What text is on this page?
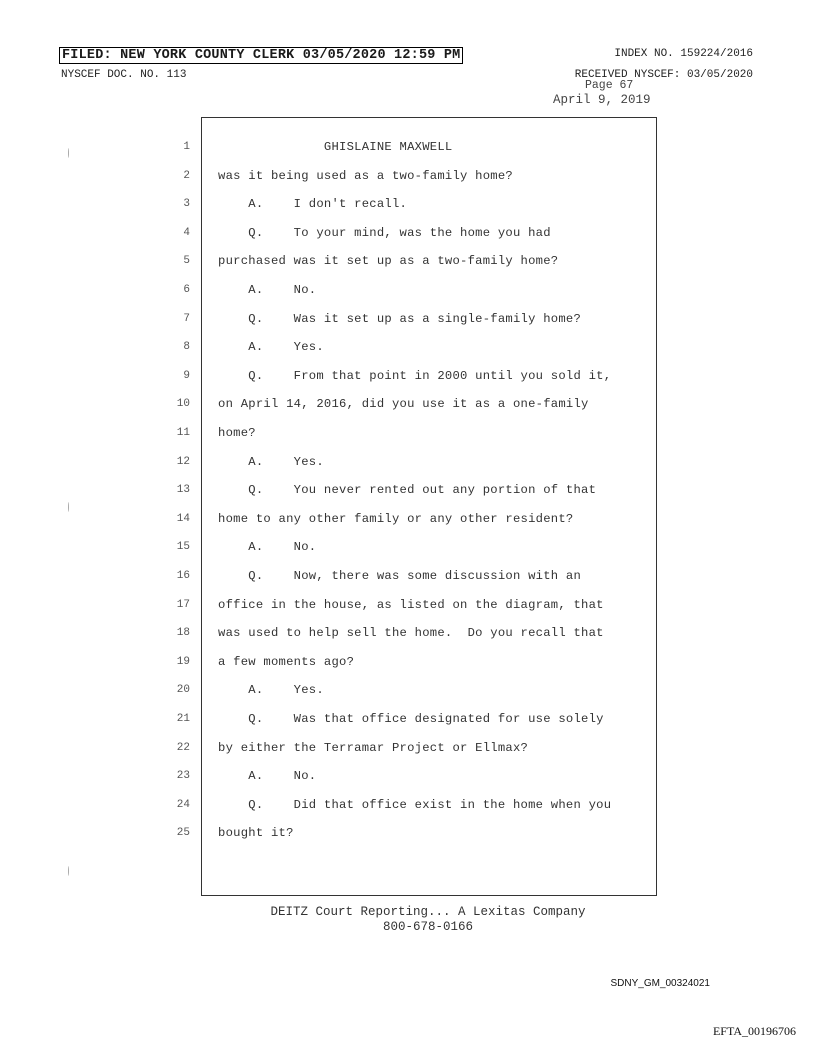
FILED: NEW YORK COUNTY CLERK 03/05/2020 12:59 PM	INDEX NO. 159224/2016
NYSCEF DOC. NO. 113	RECEIVED NYSCEF: 03/05/2020
Page 67
April 9, 2019
1 GHISLAINE MAXWELL
2 was it being used as a two-family home?
3 A.    I don't recall.
4 Q.    To your mind, was the home you had
5 purchased was it set up as a two-family home?
6 A.    No.
7 Q.    Was it set up as a single-family home?
8 A.    Yes.
9 Q.    From that point in 2000 until you sold it,
10 on April 14, 2016, did you use it as a one-family
11 home?
12 A.    Yes.
13 Q.    You never rented out any portion of that
14 home to any other family or any other resident?
15 A.    No.
16 Q.    Now, there was some discussion with an
17 office in the house, as listed on the diagram, that
18 was used to help sell the home.  Do you recall that
19 a few moments ago?
20 A.    Yes.
21 Q.    Was that office designated for use solely
22 by either the Terramar Project or Ellmax?
23 A.    No.
24 Q.    Did that office exist in the home when you
25 bought it?
DEITZ Court Reporting... A Lexitas Company
800-678-0166
SDNY_GM_00324021
EFTA_00196706
